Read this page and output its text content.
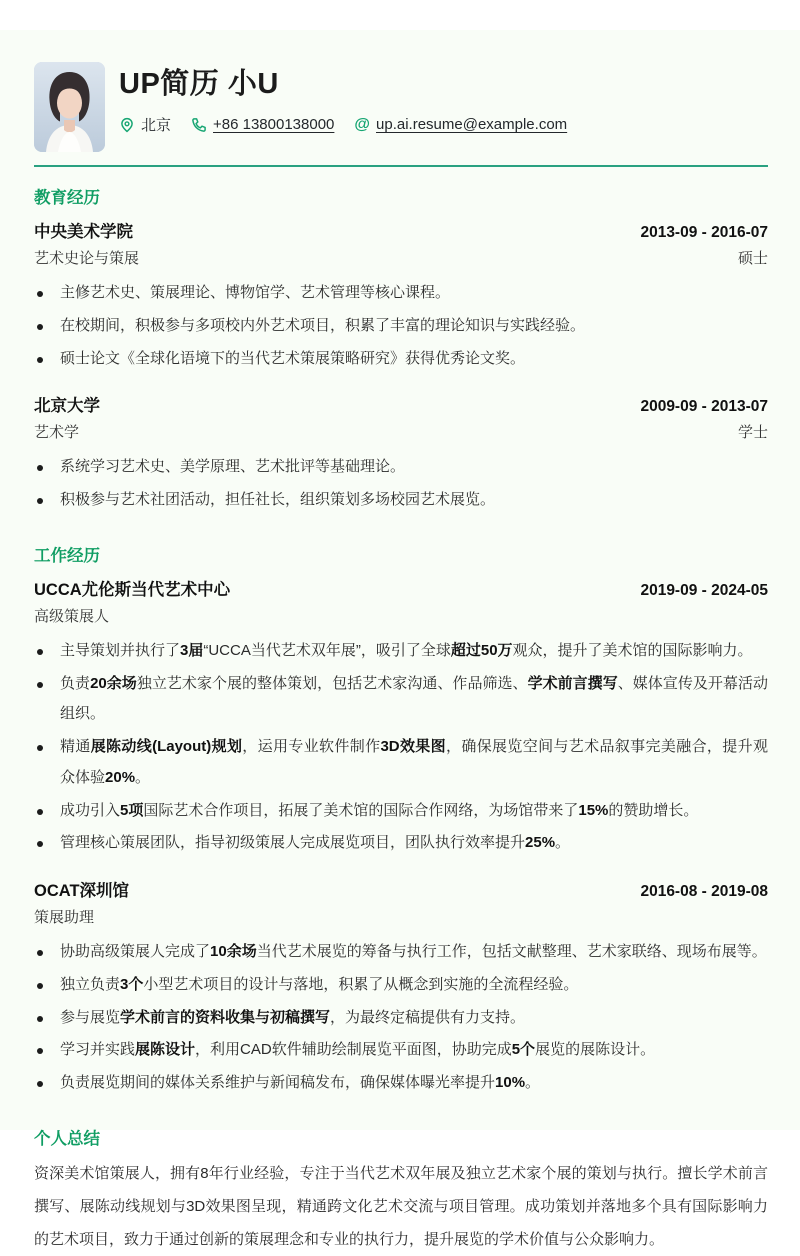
UP简历 小U
北京	+86 13800138000 @ up.ai.resume@example.com
教育经历
中央美术学院	2013-09 - 2016-07
艺术史论与策展	硕士
主修艺术史、策展理论、博物馆学、艺术管理等核心课程。
在校期间，积极参与多项校内外艺术项目，积累了丰富的理论知识与实践经验。
硕士论文《全球化语境下的当代艺术策展策略研究》获得优秀论文奖。
北京大学	2009-09 - 2013-07
艺术学	学士
系统学习艺术史、美学原理、艺术批评等基础理论。
积极参与艺术社团活动，担任社长，组织策划多场校园艺术展览。
工作经历
UCCA尤伦斯当代艺术中心	2019-09 - 2024-05
高级策展人
主导策划并执行了3届“UCCA当代艺术双年展”，吸引了全球超过50万观众，提升了美术馆的国际影响力。
负责20余场独立艺术家个展的整体策划，包括艺术家沟通、作品筛选、学术前言撰写、媒体宣传及开幕活动组织。
精通展陈动线(Layout)规划，运用专业软件制作3D效果图，确保展览空间与艺术品叙事完美融合，提升观众体验20%。
成功引入5项国际艺术合作项目，拓展了美术馆的国际合作网络，为场馆带来了15%的赞助增长。
管理核心策展团队，指导初级策展人完成展览项目，团队执行效率提升25%。
OCAT深圳馆	2016-08 - 2019-08
策展助理
协助高级策展人完成了10余场当代艺术展览的筹备与执行工作，包括文献整理、艺术家联络、现场布展等。
独立负责3个小型艺术项目的设计与落地，积累了从概念到实施的全流程经验。
参与展览学术前言的资料收集与初稿撰写，为最终定稿提供有力支持。
学习并实践展陈设计，利用CAD软件辅助绘制展览平面图，协助完成5个展览的展陈设计。
负责展览期间的媒体关系维护与新闻稿发布，确保媒体曝光率提升10%。
个人总结

资深美术馆策展人，拥有8年行业经验，专注于当代艺术双年展及独立艺术家个展的策划与执行。擅长学术前言撰写、展陈动线规划与3D效果图呈现，精通跨文化艺术交流与项目管理。成功策划并落地多个具有国际影响力的艺术项目，致力于通过创新的策展理念和专业的执行力，提升展览的学术价值与公众影响力。
